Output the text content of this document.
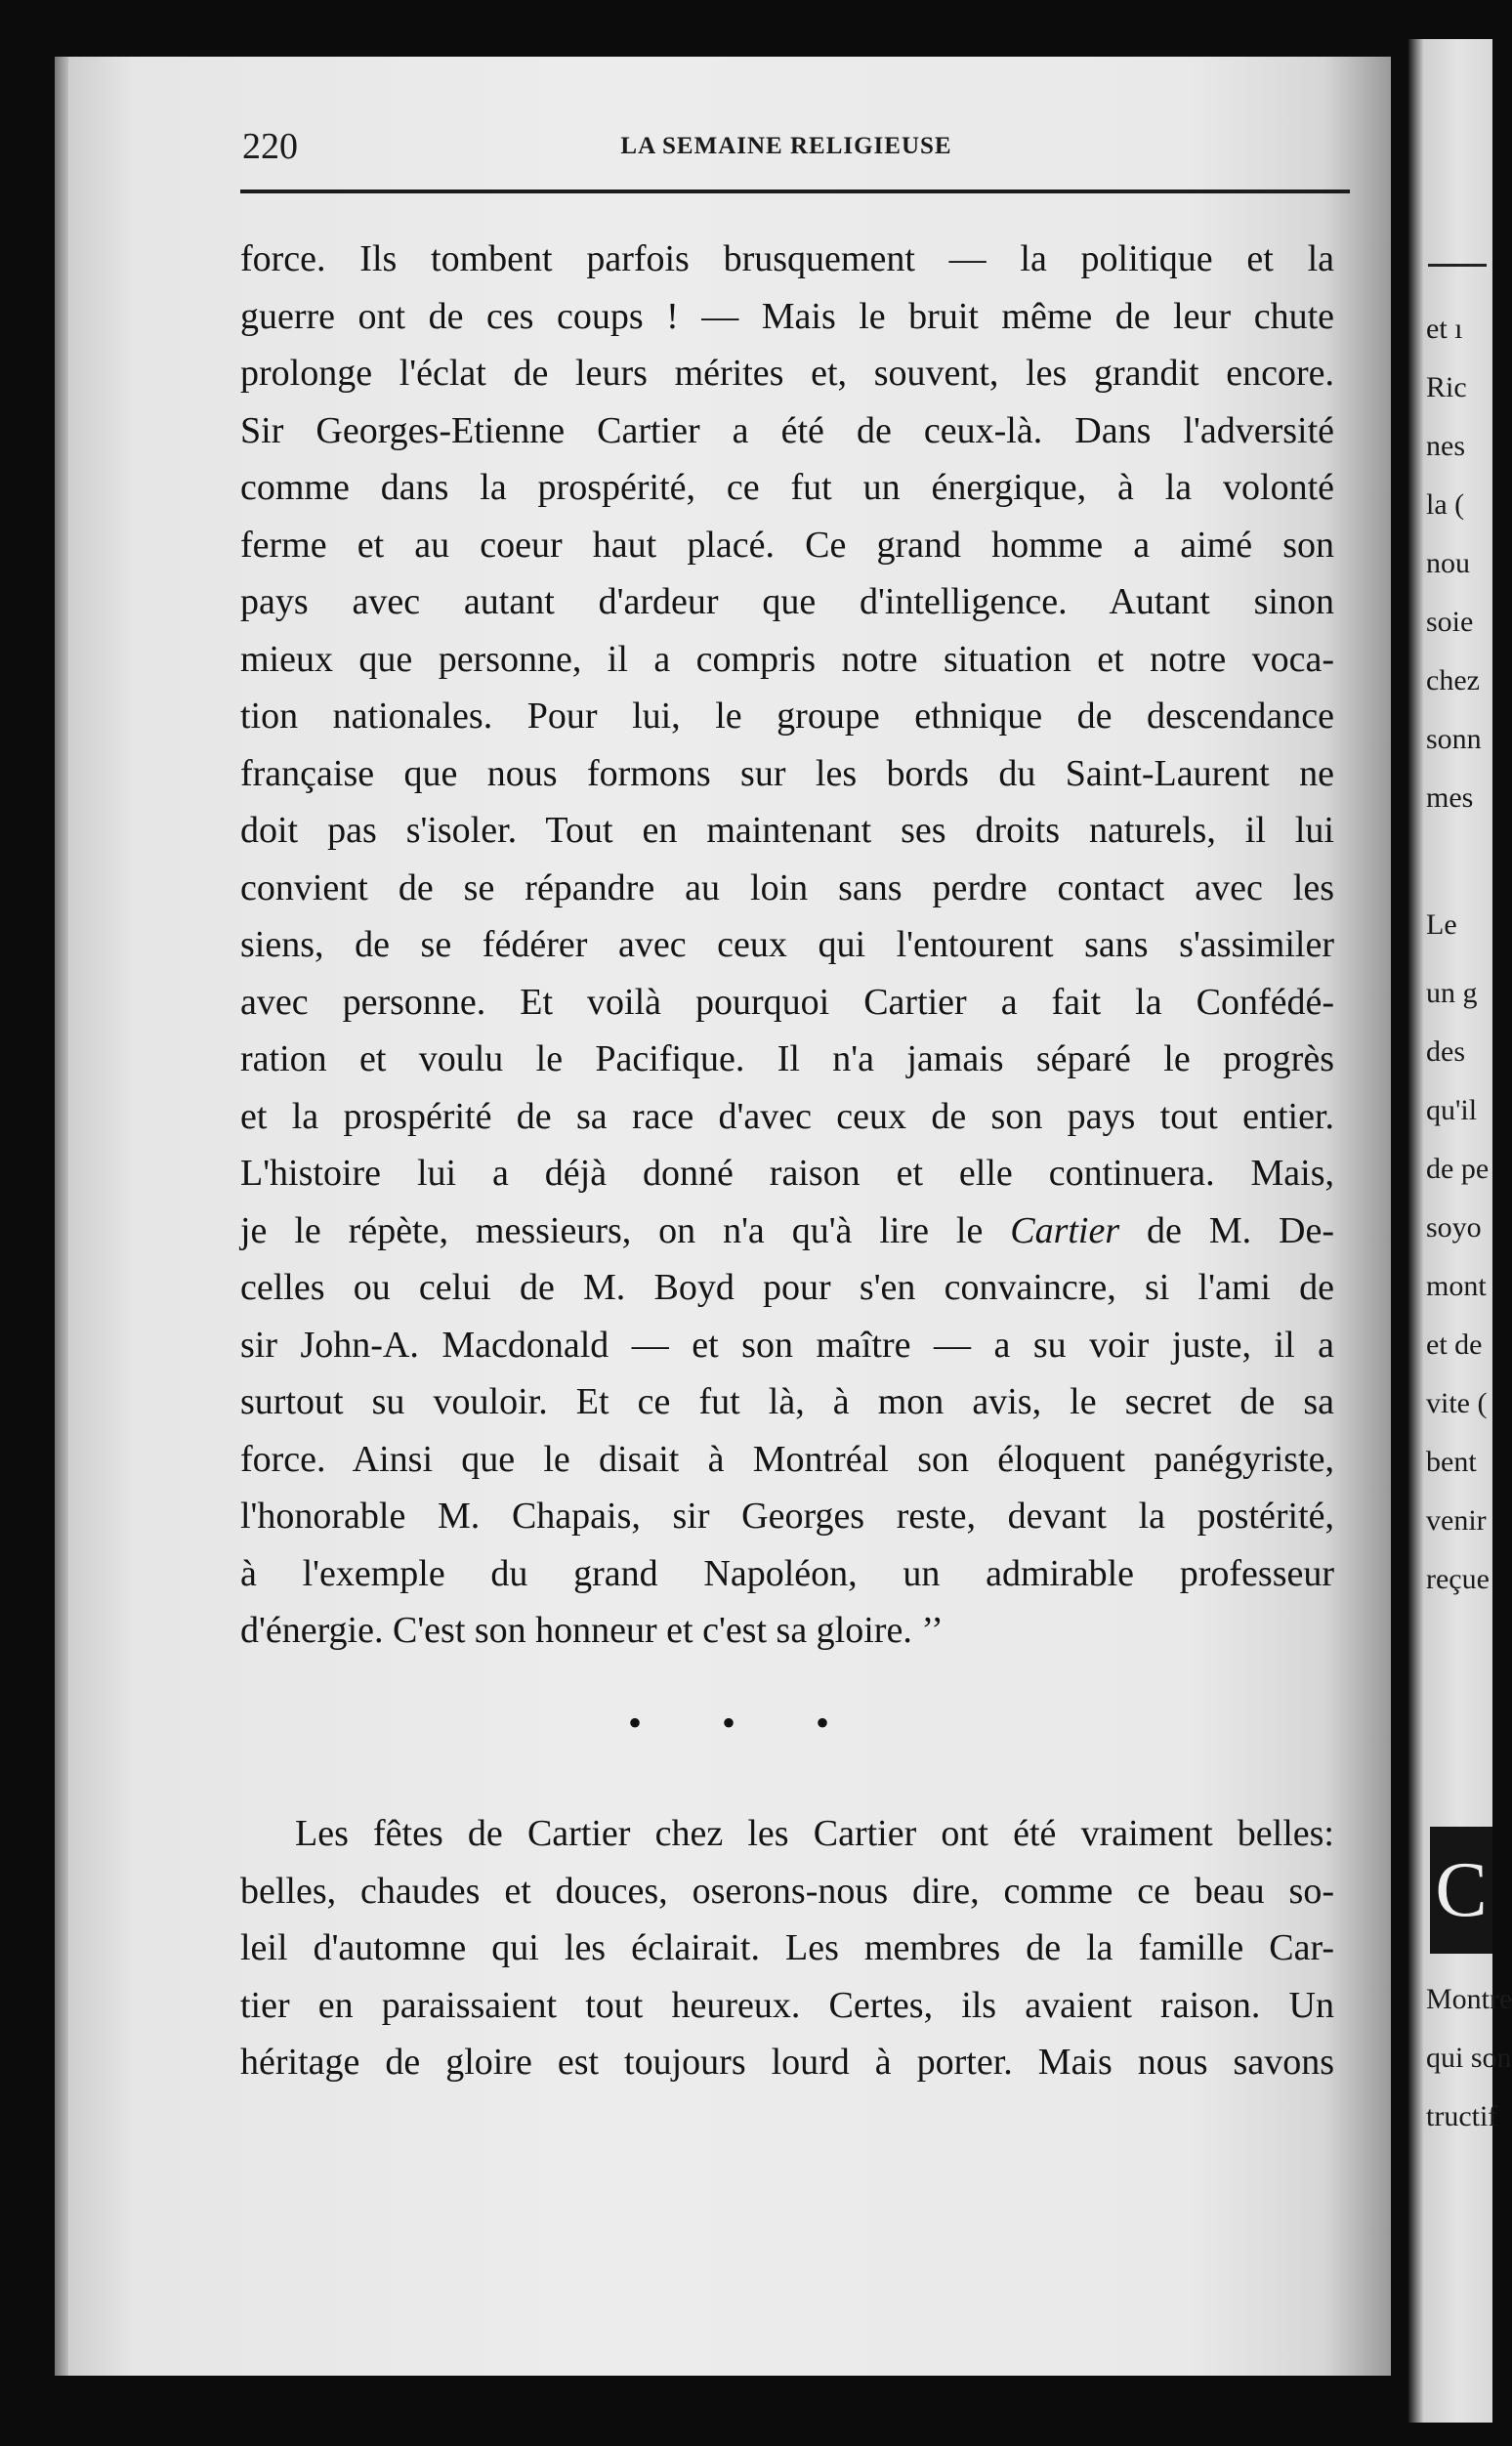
220	LA SEMAINE RELIGIEUSE
force. Ils tombent parfois brusquement — la politique et la
guerre ont de ces coups ! — Mais le bruit même de leur chute
prolonge l'éclat de leurs mérites et, souvent, les grandit encore.
Sir Georges-Etienne Cartier a été de ceux-là. Dans l'adversité
comme dans la prospérité, ce fut un énergique, à la volonté
ferme et au coeur haut placé. Ce grand homme a aimé son
pays avec autant d'ardeur que d'intelligence. Autant sinon
mieux que personne, il a compris notre situation et notre voca-
tion nationales. Pour lui, le groupe ethnique de descendance
française que nous formons sur les bords du Saint-Laurent ne
doit pas s'isoler. Tout en maintenant ses droits naturels, il lui
convient de se répandre au loin sans perdre contact avec les
siens, de se fédérer avec ceux qui l'entourent sans s'assimiler
avec personne. Et voilà pourquoi Cartier a fait la Confédé-
ration et voulu le Pacifique. Il n'a jamais séparé le progrès
et la prospérité de sa race d'avec ceux de son pays tout entier.
L'histoire lui a déjà donné raison et elle continuera. Mais,
je le répète, messieurs, on n'a qu'à lire le Cartier de M. De-
celles ou celui de M. Boyd pour s'en convaincre, si l'ami de
sir John-A. Macdonald — et son maître — a su voir juste, il a
surtout su vouloir. Et ce fut là, à mon avis, le secret de sa
force. Ainsi que le disait à Montréal son éloquent panégyriste,
l'honorable M. Chapais, sir Georges reste, devant la postérité,
à l'exemple du grand Napoléon, un admirable professeur
d'énergie. C'est son honneur et c'est sa gloire. ’’
• • •
Les fêtes de Cartier chez les Cartier ont été vraiment belles:
belles, chaudes et douces, oserons-nous dire, comme ce beau so-
leil d'automne qui les éclairait. Les membres de la famille Car-
tier en paraissaient tout heureux. Certes, ils avaient raison. Un
héritage de gloire est toujours lourd à porter. Mais nous savons
C
et ı
Ric
nes
la (
nou
soie
chez
sonn
mes
Le
un g
des
qu'il
de pe
soyo
mont
et de
vite (
bent
venir
reçue
Montre
qui son
tructif
